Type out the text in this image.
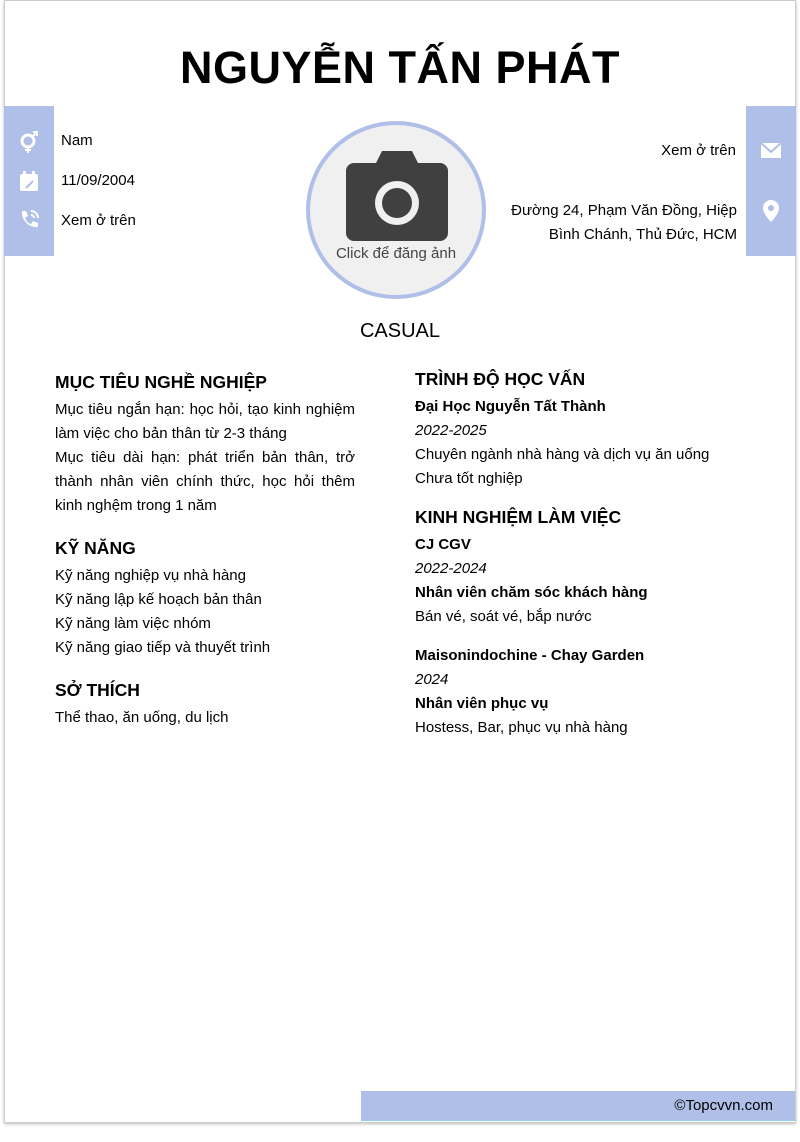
NGUYỄN TẤN PHÁT
Nam
11/09/2004
Xem ở trên
Click để đăng ảnh
Xem ở trên
Đường 24, Phạm Văn Đồng, Hiệp
Bình Chánh, Thủ Đức, HCM
CASUAL
MỤC TIÊU NGHỀ NGHIỆP

Mục tiêu ngắn hạn: học hỏi, tạo kinh nghiệm làm việc cho bản thân từ 2-3 tháng

Mục tiêu dài hạn: phát triển bản thân, trở thành nhân viên chính thức, học hỏi thêm kinh nghệm trong 1 năm

KỸ NĂNG

Kỹ năng nghiệp vụ nhà hàng

Kỹ năng lập kế hoạch bản thân

Kỹ năng làm việc nhóm

Kỹ năng giao tiếp và thuyết trình

SỞ THÍCH

Thể thao, ăn uống, du lịch

TRÌNH ĐỘ HỌC VẤN

Đại Học Nguyễn Tất Thành

2022-2025

Chuyên ngành nhà hàng và dịch vụ ăn uống

Chưa tốt nghiệp

KINH NGHIỆM LÀM VIỆC

CJ CGV

2022-2024

Nhân viên chăm sóc khách hàng

Bán vé, soát vé, bắp nước

Maisonindochine - Chay Garden

2024

Nhân viên phục vụ

Hostess, Bar, phục vụ nhà hàng

©Topcvvn.com
